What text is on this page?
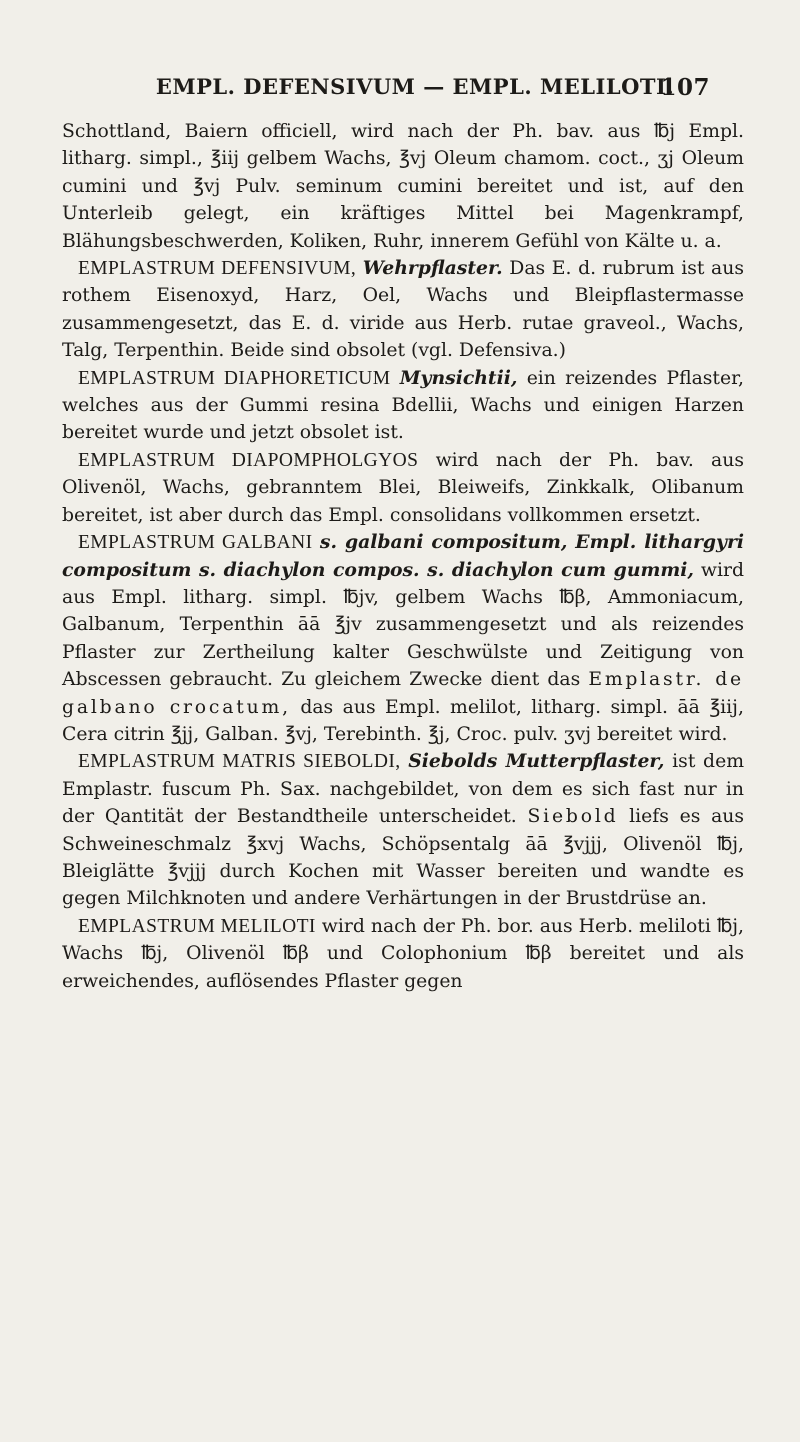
EMPL. DEFENSIVUM — EMPL. MELILOTI.
107

Schottland, Baiern officiell, wird nach der Ph. bav. aus ℔j Empl. litharg. simpl., ℥iij gelbem Wachs, ℥vj Oleum chamom. coct., ʒj Oleum cumini und ℥vj Pulv. seminum cumini bereitet und ist, auf den Unterleib gelegt, ein kräftiges Mittel bei Magenkrampf, Blähungsbeschwerden, Koliken, Ruhr, innerem Gefühl von Kälte u. a.

EMPLASTRUM DEFENSIVUM, Wehrpflaster. Das E. d. rubrum ist aus rothem Eisenoxyd, Harz, Oel, Wachs und Bleipflastermasse zusammengesetzt, das E. d. viride aus Herb. rutae graveol., Wachs, Talg, Terpenthin. Beide sind obsolet (vgl. Defensiva.)

EMPLASTRUM DIAPHORETICUM Mynsichtii, ein reizendes Pflaster, welches aus der Gummi resina Bdellii, Wachs und einigen Harzen bereitet wurde und jetzt obsolet ist.

EMPLASTRUM DIAPOMPHOLGYOS wird nach der Ph. bav. aus Olivenöl, Wachs, gebranntem Blei, Bleiweifs, Zinkkalk, Olibanum bereitet, ist aber durch das Empl. consolidans vollkommen ersetzt.

EMPLASTRUM GALBANI s. galbani compositum, Empl. lithargyri compositum s. diachylon compos. s. diachylon cum gummi, wird aus Empl. litharg. simpl. ℔jv, gelbem Wachs ℔β, Ammoniacum, Galbanum, Terpenthin āā ℥jv zusammengesetzt und als reizendes Pflaster zur Zertheilung kalter Geschwülste und Zeitigung von Abscessen gebraucht. Zu gleichem Zwecke dient das Emplastr. de galbano crocatum, das aus Empl. melilot, litharg. simpl. āā ℥iij, Cera citrin ℥jj, Galban. ℥vj, Terebinth. ℥j, Croc. pulv. ʒvj bereitet wird.

EMPLASTRUM MATRIS SIEBOLDI, Siebolds Mutterpflaster, ist dem Emplastr. fuscum Ph. Sax. nachgebildet, von dem es sich fast nur in der Qantität der Bestandtheile unterscheidet. Siebold liefs es aus Schweineschmalz ℥xvj Wachs, Schöpsentalg āā ℥vjjj, Olivenöl ℔j, Bleiglätte ℥vjjj durch Kochen mit Wasser bereiten und wandte es gegen Milchknoten und andere Verhärtungen in der Brustdrüse an.

EMPLASTRUM MELILOTI wird nach der Ph. bor. aus Herb. meliloti ℔j, Wachs ℔j, Olivenöl ℔β und Colophonium ℔β bereitet und als erweichendes, auflösendes Pflaster gegen
